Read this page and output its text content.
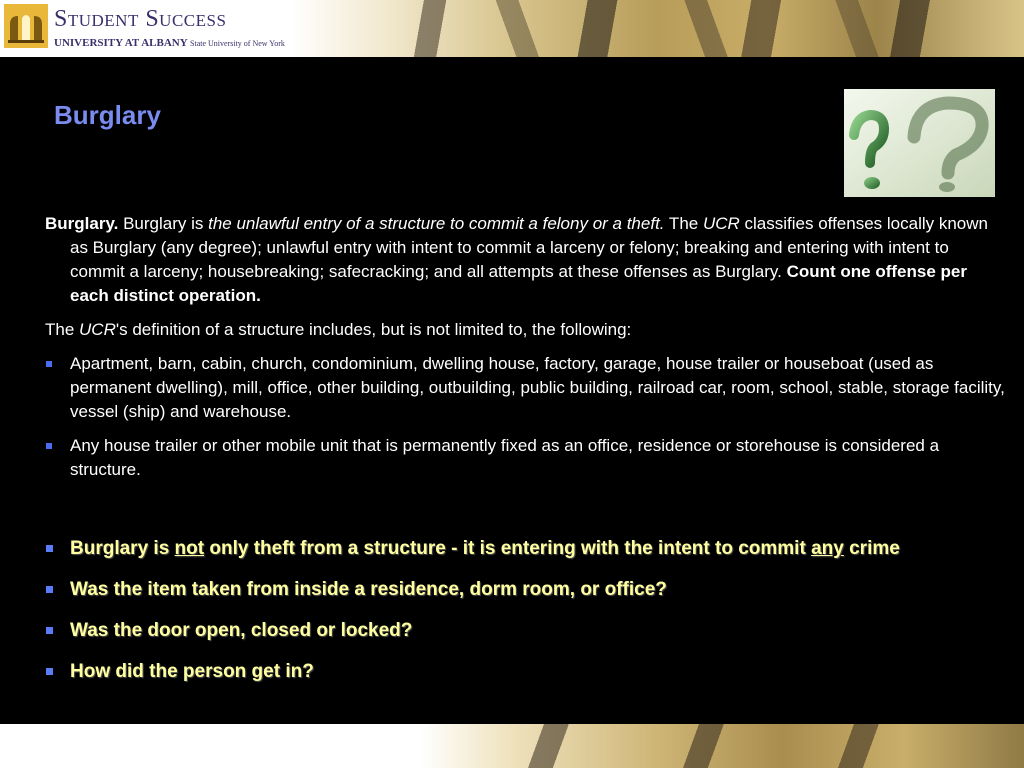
Student Success
UNIVERSITY AT ALBANY State University of New York
Burglary

Burglary. Burglary is the unlawful entry of a structure to commit a felony or a theft. The UCR classifies offenses locally known as Burglary (any degree); unlawful entry with intent to commit a larceny or felony; breaking and entering with intent to commit a larceny; housebreaking; safecracking; and all attempts at these offenses as Burglary. Count one offense per each distinct operation.

The UCR's definition of a structure includes, but is not limited to, the following:

Apartment, barn, cabin, church, condominium, dwelling house, factory, garage, house trailer or houseboat (used as permanent dwelling), mill, office, other building, outbuilding, public building, railroad car, room, school, stable, storage facility, vessel (ship) and warehouse.
Any house trailer or other mobile unit that is permanently fixed as an office, residence or storehouse is considered a structure.
Burglary is not only theft from a structure - it is entering with the intent to commit any crime
Was the item taken from inside a residence, dorm room, or office?
Was the door open, closed or locked?
How did the person get in?
